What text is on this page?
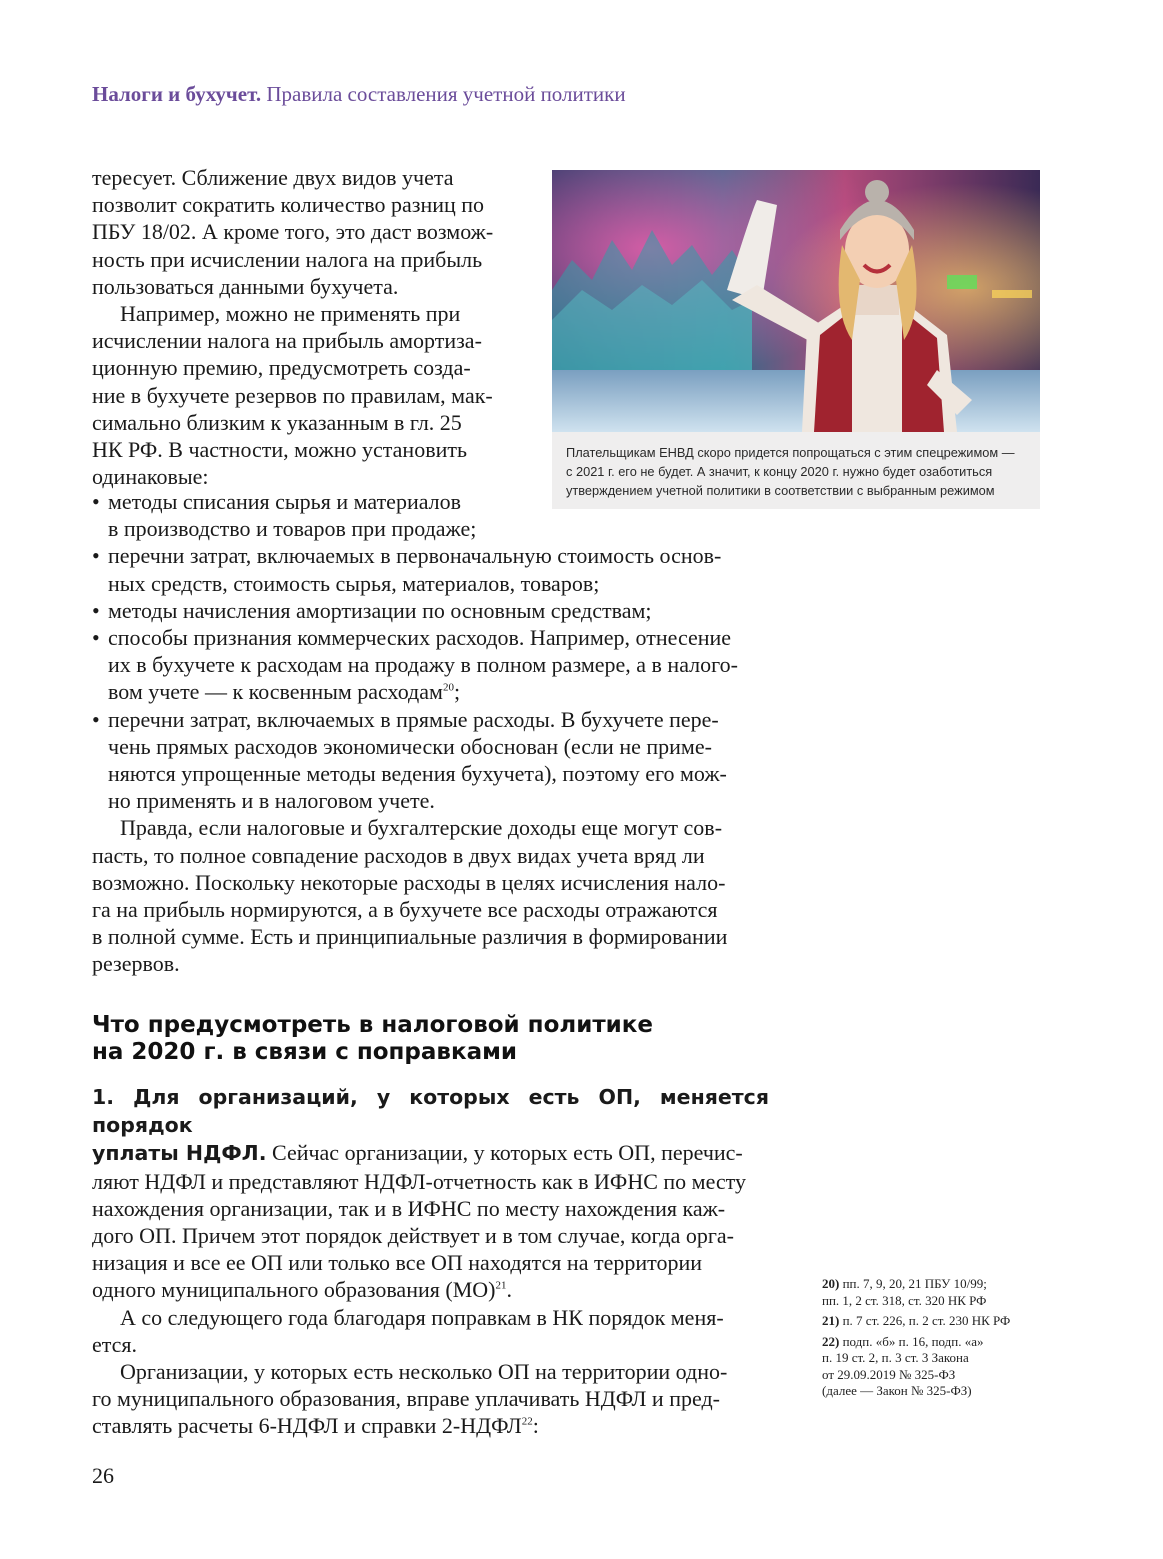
Налоги и бухучет. Правила составления учетной политики

тересует. Сближение двух видов учета
позволит сократить количество разниц по
ПБУ 18/02. А кроме того, это даст возмож-
ность при исчислении налога на прибыль
пользоваться данными бухучета.

Например, можно не применять при
исчислении налога на прибыль амортиза-
ционную премию, предусмотреть созда-
ние в бухучете резервов по правилам, мак-
симально близким к указанным в гл. 25
НК РФ. В частности, можно установить
одинаковые:

• методы списания сырья и материалов
в производство и товаров при продаже;
• перечни затрат, включаемых в первоначальную стоимость основ-
ных средств, стоимость сырья, материалов, товаров;
• методы начисления амортизации по основным средствам;
• способы признания коммерческих расходов. Например, отнесение
их в бухучете к расходам на продажу в полном размере, а в налого-
вом учете — к косвенным расходам$^{20}$;
• перечни затрат, включаемых в прямые расходы. В бухучете пере-
чень прямых расходов экономически обоснован (если не приме-
няются упрощенные методы ведения бухучета), поэтому его мож-
но применять и в налоговом учете.

Правда, если налоговые и бухгалтерские доходы еще могут сов-
пасть, то полное совпадение расходов в двух видах учета вряд ли
возможно. Поскольку некоторые расходы в целях исчисления нало-
га на прибыль нормируются, а в бухучете все расходы отражаются
в полной сумме. Есть и принципиальные различия в формировании
резервов.

Что предусмотреть в налоговой политике
на 2020 г. в связи с поправками

1. Для организаций, у которых есть ОП, меняется порядок
уплаты НДФЛ. Сейчас организации, у которых есть ОП, перечис-
ляют НДФЛ и представляют НДФЛ-отчетность как в ИФНС по месту
нахождения организации, так и в ИФНС по месту нахождения каж-
дого ОП. Причем этот порядок действует и в том случае, когда орга-
низация и все ее ОП или только все ОП находятся на территории
одного муниципального образования (МО)$^{21}$.

А со следующего года благодаря поправкам в НК порядок меня-
ется.

Организации, у которых есть несколько ОП на территории одно-
го муниципального образования, вправе уплачивать НДФЛ и пред-
ставлять расчеты 6-НДФЛ и справки 2-НДФЛ$^{22}$:

Плательщикам ЕНВД скоро придется попрощаться с этим спецрежимом —
с 2021 г. его не будет. А значит, к концу 2020 г. нужно будет озаботиться
утверждением учетной политики в соответствии с выбранным режимом
20) пп. 7, 9, 20, 21 ПБУ 10/99;
пп. 1, 2 ст. 318, ст. 320 НК РФ
21) п. 7 ст. 226, п. 2 ст. 230 НК РФ
22) подп. «б» п. 16, подп. «а»
п. 19 ст. 2, п. 3 ст. 3 Закона
от 29.09.2019 № 325-ФЗ
(далее — Закон № 325-ФЗ)
26
